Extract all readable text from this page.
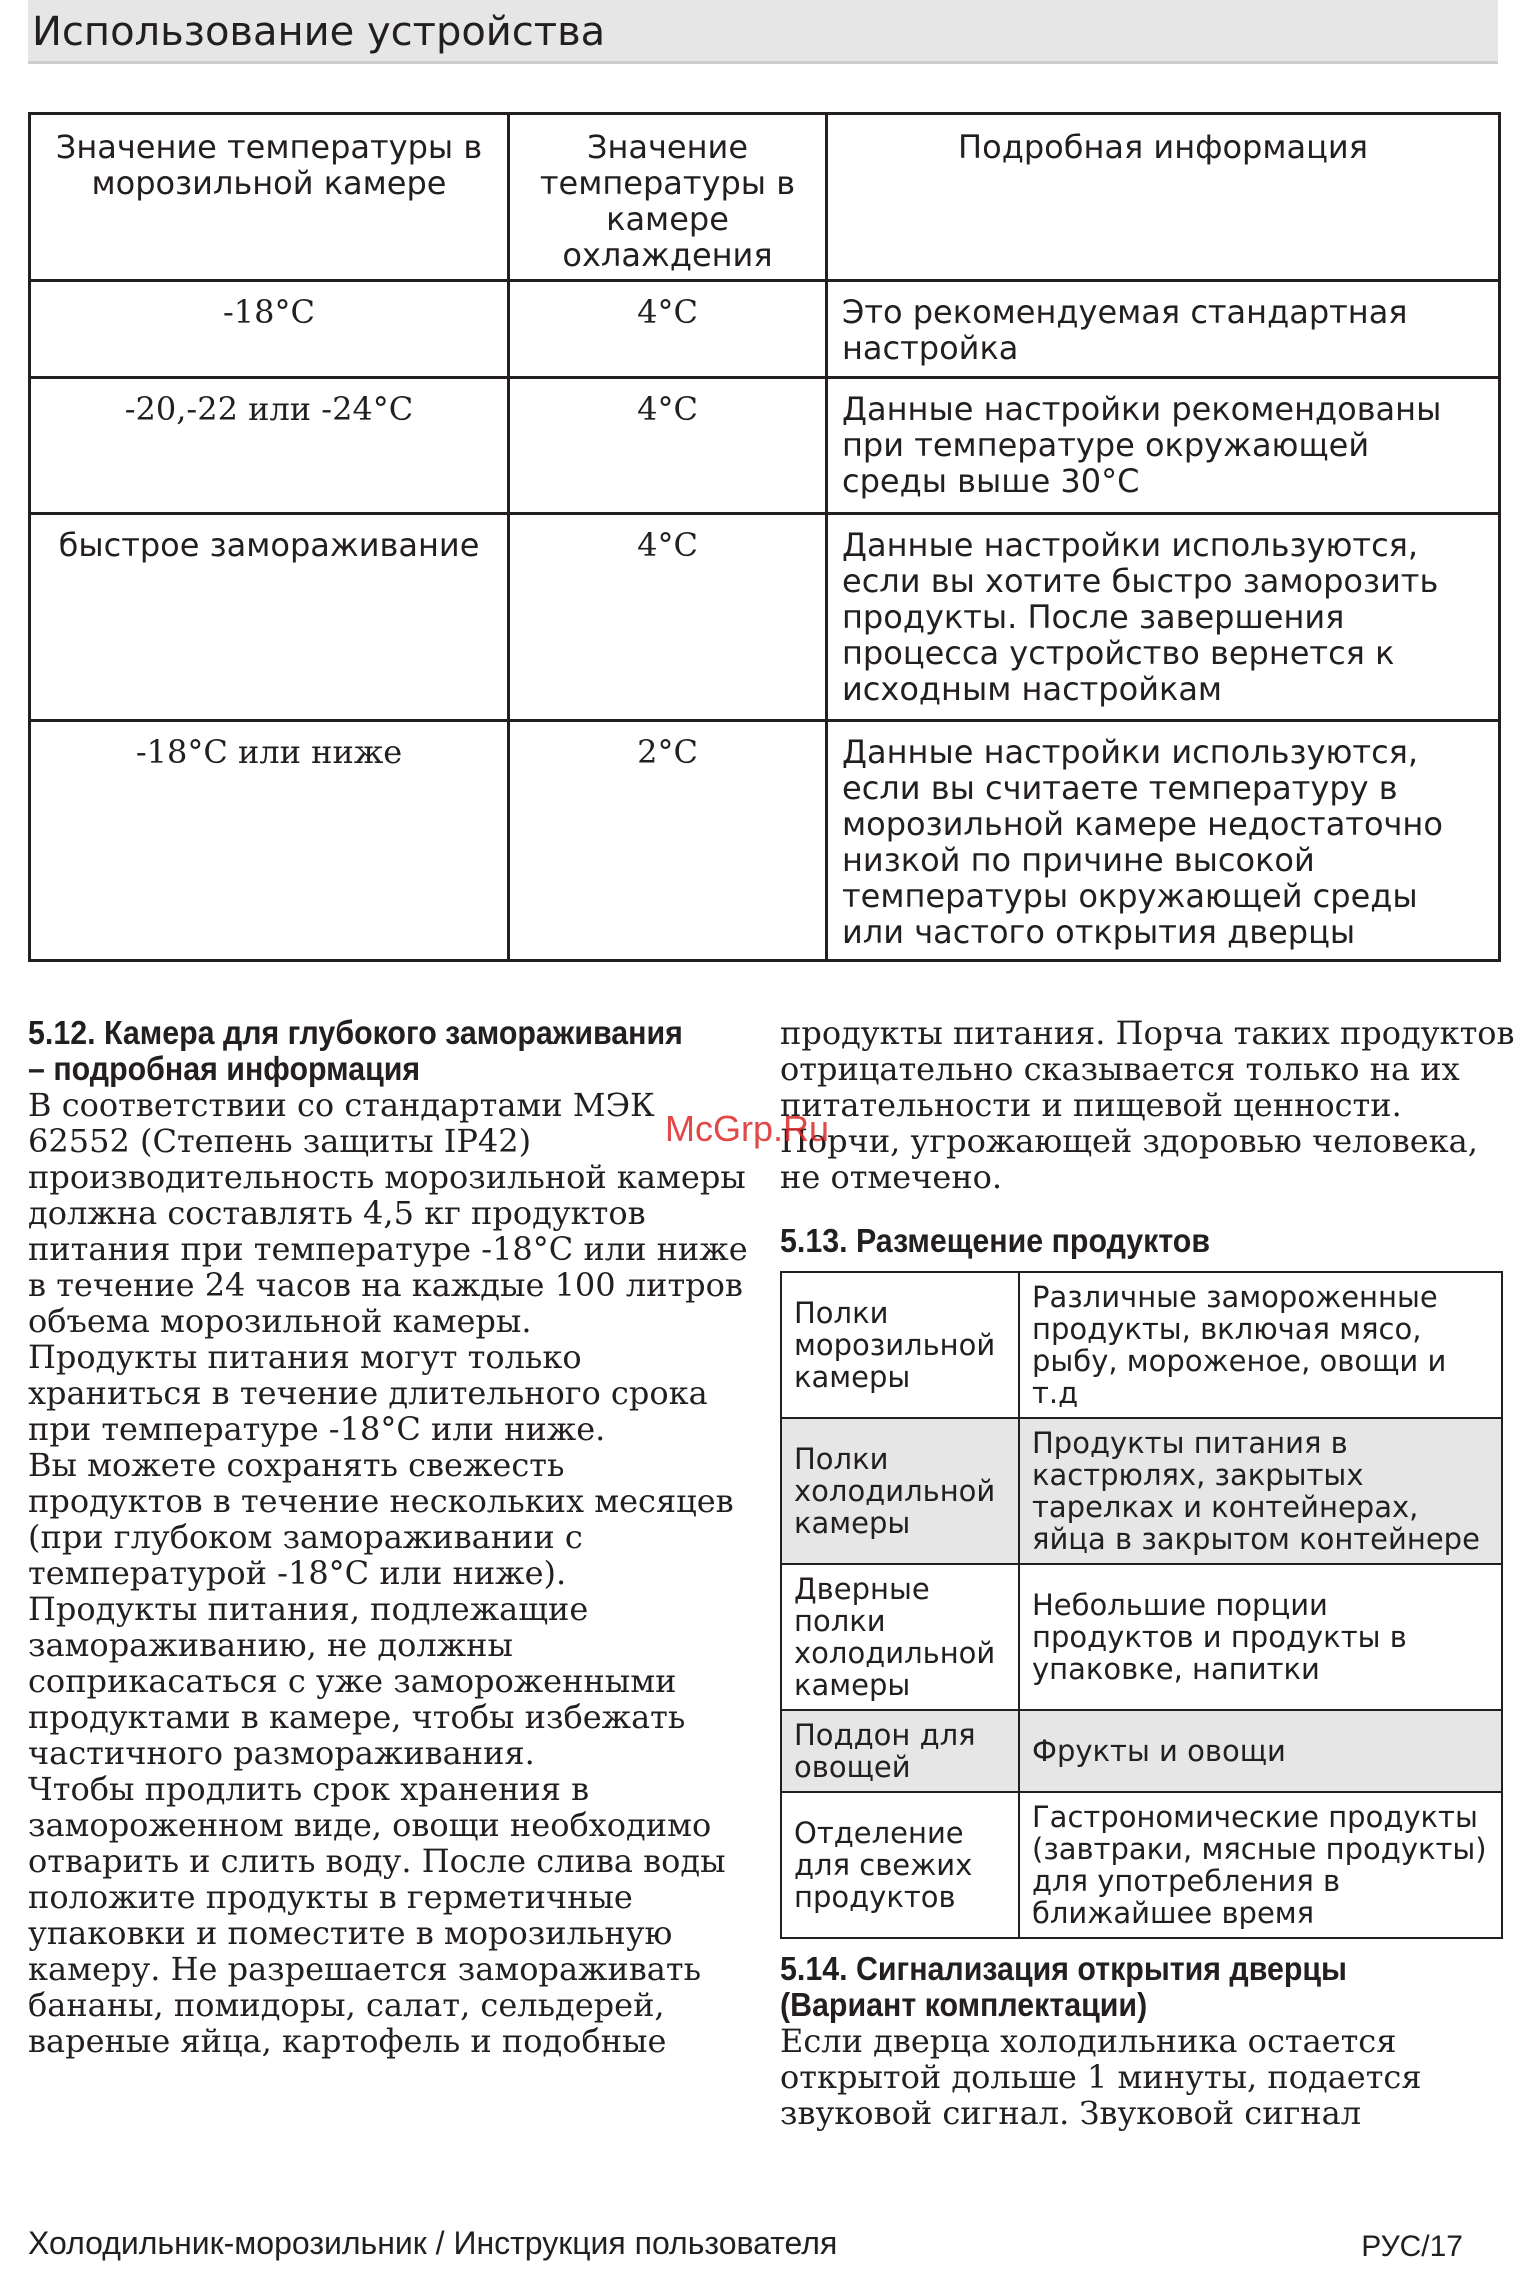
Использование устройства
Значение температуры в морозильной камере	Значение температуры в камере охлаждения	Подробная информация
-18°C	4°C	Это рекомендуемая стандартная настройка
-20,-22 или -24°C	4°C	Данные настройки рекомендованы при температуре окружающей среды выше 30°C
быстрое замораживание	4°C	Данные настройки используются, если вы хотите быстро заморозить продукты. После завершения процесса устройство вернется к исходным настройкам
-18°C или ниже	2°C	Данные настройки используются, если вы считаете температуру в морозильной камере недостаточно низкой по причине высокой температуры окружающей среды или частого открытия дверцы
5.12. Камера для глубокого замораживания – подробная информация

В соответствии со стандартами МЭК 62552 (Степень защиты IP42) производительность морозильной камеры должна составлять 4,5 кг продуктов питания при температуре -18°C или ниже в течение 24 часов на каждые 100 литров объема морозильной камеры.

Продукты питания могут только храниться в течение длительного срока при температуре -18°C или ниже.

Вы можете сохранять свежесть продуктов в течение нескольких месяцев (при глубоком замораживании с температурой -18°C или ниже).

Продукты питания, подлежащие замораживанию, не должны соприкасаться с уже замороженными продуктами в камере, чтобы избежать частичного размораживания.

Чтобы продлить срок хранения в замороженном виде, овощи необходимо отварить и слить воду. После слива воды положите продукты в герметичные упаковки и поместите в морозильную камеру. Не разрешается замораживать бананы, помидоры, салат, сельдерей, вареные яйца, картофель и подобные

продукты питания. Порча таких продуктов отрицательно сказывается только на их питательности и пищевой ценности. Порчи, угрожающей здоровью человека, не отмечено.

5.13. Размещение продуктов
Полки морозильной камеры	Различные замороженные продукты, включая мясо, рыбу, мороженое, овощи и т.д
Полки холодильной камеры	Продукты питания в кастрюлях, закрытых тарелках и контейнерах, яйца в закрытом контейнере
Дверные полки холодильной камеры	Небольшие порции продуктов и продукты в упаковке, напитки
Поддон для овощей	Фрукты и овощи
Отделение для свежих продуктов	Гастрономические продукты (завтраки, мясные продукты) для употребления в ближайшее время
5.14. Сигнализация открытия дверцы (Вариант комплектации)

Если дверца холодильника остается открытой дольше 1 минуты, подается звуковой сигнал. Звуковой сигнал

McGrp.Ru
Холодильник-морозильник / Инструкция пользователя	РУС/17
